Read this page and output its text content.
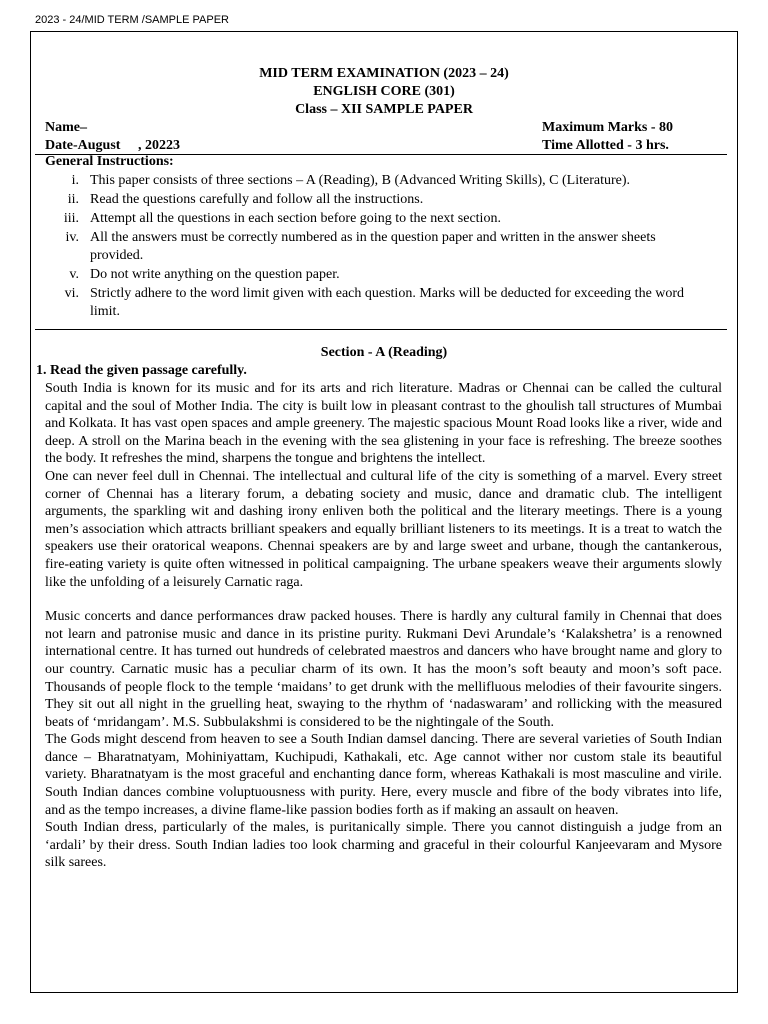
2023 - 24/MID TERM /SAMPLE PAPER
MID TERM EXAMINATION (2023 – 24)
ENGLISH CORE (301)
Class – XII SAMPLE PAPER
Name–
Date-August     , 20223
Maximum Marks - 80
Time Allotted - 3 hrs.
General Instructions:
i. This paper consists of three sections – A (Reading), B (Advanced Writing Skills), C (Literature).
ii. Read the questions carefully and follow all the instructions.
iii. Attempt all the questions in each section before going to the next section.
iv. All the answers must be correctly numbered as in the question paper and written in the answer sheets provided.
v. Do not write anything on the question paper.
vi. Strictly adhere to the word limit given with each question. Marks will be deducted for exceeding the word limit.
Section - A (Reading)
1. Read the given passage carefully.

South India is known for its music and for its arts and rich literature. Madras or Chennai can be called the cultural capital and the soul of Mother India. The city is built low in pleasant contrast to the ghoulish tall structures of Mumbai and Kolkata. It has vast open spaces and ample greenery. The majestic spacious Mount Road looks like a river, wide and deep. A stroll on the Marina beach in the evening with the sea glistening in your face is refreshing. The breeze soothes the body. It refreshes the mind, sharpens the tongue and brightens the intellect.

One can never feel dull in Chennai. The intellectual and cultural life of the city is something of a marvel. Every street corner of Chennai has a literary forum, a debating society and music, dance and dramatic club. The intelligent arguments, the sparkling wit and dashing irony enliven both the political and the literary meetings. There is a young men’s association which attracts brilliant speakers and equally brilliant listeners to its meetings. It is a treat to watch the speakers use their oratorical weapons. Chennai speakers are by and large sweet and urbane, though the cantankerous, fire-eating variety is quite often witnessed in political campaigning. The urbane speakers weave their arguments slowly like the unfolding of a leisurely Carnatic raga.

Music concerts and dance performances draw packed houses. There is hardly any cultural family in Chennai that does not learn and patronise music and dance in its pristine purity. Rukmani Devi Arundale’s ‘Kalakshetra’ is a renowned international centre. It has turned out hundreds of celebrated maestros and dancers who have brought name and glory to our country. Carnatic music has a peculiar charm of its own. It has the moon’s soft beauty and moon’s soft pace. Thousands of people flock to the temple ‘maidans’ to get drunk with the mellifluous melodies of their favourite singers. They sit out all night in the gruelling heat, swaying to the rhythm of ‘nadaswaram’ and rollicking with the measured beats of ‘mridangam’. M.S. Subbulakshmi is considered to be the nightingale of the South.

The Gods might descend from heaven to see a South Indian damsel dancing. There are several varieties of South Indian dance – Bharatnatyam, Mohiniyattam, Kuchipudi, Kathakali, etc. Age cannot wither nor custom stale its beautiful variety. Bharatnatyam is the most graceful and enchanting dance form, whereas Kathakali is most masculine and virile. South Indian dances combine voluptuousness with purity. Here, every muscle and fibre of the body vibrates into life, and as the tempo increases, a divine flame-like passion bodies forth as if making an assault on heaven.

South Indian dress, particularly of the males, is puritanically simple. There you cannot distinguish a judge from an ‘ardali’ by their dress. South Indian ladies too look charming and graceful in their colourful Kanjeevaram and Mysore silk sarees.
